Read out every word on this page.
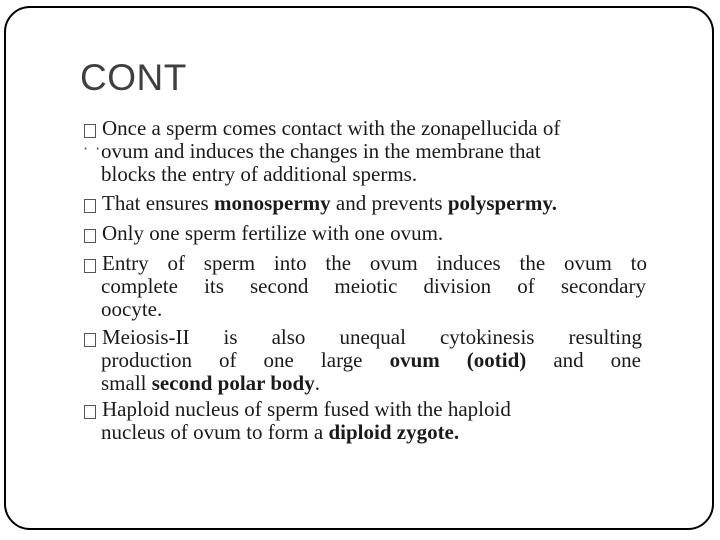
CONT
· ·
Once a sperm comes contact with the zonapellucida of
ovum and induces the changes in the membrane that
blocks the entry of additional sperms.
That ensures monospermy and prevents polyspermy.
Only one sperm fertilize with one ovum.
Entry of sperm into the ovum induces the ovum to
complete its second meiotic division of secondary
oocyte.
Meiosis-II is also unequal cytokinesis resulting
production of one large ovum (ootid) and one
small second polar body.
Haploid nucleus of sperm fused with the haploid
nucleus of ovum to form a diploid zygote.
